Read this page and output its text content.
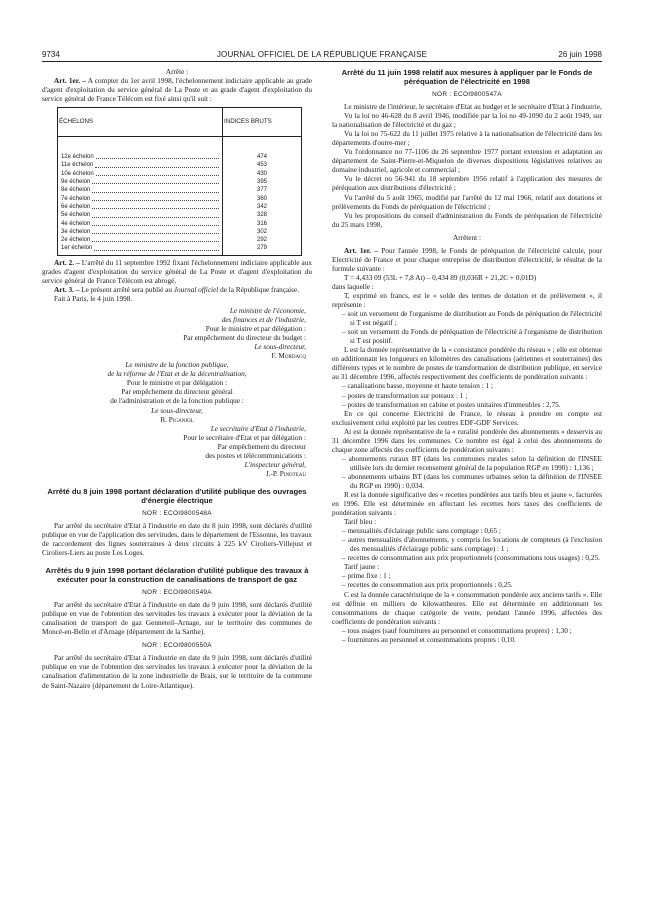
9734	JOURNAL OFFICIEL DE LA RÉPUBLIQUE FRANÇAISE	26 juin 1998

Arrête :

Art. 1er. – A compter du 1er avril 1998, l'échelonnement indiciaire applicable au grade d'agent d'exploitation du service général de La Poste et au grade d'agent d'exploitation du service général de France Télécom est fixé ainsi qu'il suit :

ÉCHELONS	INDICES BRUTS

12e échelon	474

11e échelon	453

10e échelon	430

9e échelon	395

8e échelon	377

7e échelon	360

6e échelon	342

5e échelon	328

4e échelon	316

3e échelon	302

2e échelon	292

1er échelon	279

Art. 2. – L'arrêté du 11 septembre 1992 fixant l'échelonnement indiciaire applicable aux grades d'agent d'exploitation du service général de La Poste et d'agent d'exploitation du service général de France Télécom est abrogé.

Art. 3. – Le présent arrêté sera publié au Journal officiel de la République française.

Fait à Paris, le 4 juin 1998.

Le ministre de l'économie,

des finances et de l'industrie,

Pour le ministre et par délégation :

Par empêchement du directeur du budget :

Le sous-directeur,

F. Mordacq

Le ministre de la fonction publique,

de la réforme de l'Etat et de la décentralisation,

Pour le ministre et par délégation :

Par empêchement du directeur général

de l'administration et de la fonction publique :

Le sous-directeur,

R. Piganiol

Le secrétaire d'Etat à l'industrie,

Pour le secrétaire d'Etat et par délégation :

Par empêchement du directeur

des postes et télécommunications :

L'inspecteur général,

J.-P. Pinoteau

Arrêté du 8 juin 1998 portant déclaration d'utilité publique des ouvrages d'énergie électrique

NOR : ECOI9800548A

Par arrêté du secrétaire d'Etat à l'industrie en date du 8 juin 1998, sont déclarés d'utilité publique en vue de l'application des servitudes, dans le département de l'Essonne, les travaux de raccordement des lignes souterraines à deux circuits à 225 kV Ciroliers-Villejust et Ciroliers-Liers au poste Les Loges.

Arrêtés du 9 juin 1998 portant déclaration d'utilité publique des travaux à exécuter pour la construction de canalisations de transport de gaz

NOR : ECOI9800549A

Par arrêté du secrétaire d'Etat à l'industrie en date du 9 juin 1998, sont déclarés d'utilité publique en vue de l'obtention des servitudes les travaux à exécuter pour la déviation de la canalisation de transport de gaz Genneteil–Arnage, sur le territoire des communes de Moncé-en-Belin et d'Arnage (département de la Sarthe).

NOR : ECOI9800550A

Par arrêté du secrétaire d'Etat à l'industrie en date du 9 juin 1998, sont déclarés d'utilité publique en vue de l'obtention des servitudes les travaux à exécuter pour la déviation de la canalisation d'alimentation de la zone industrielle de Brais, sur le territoire de la commune de Saint-Nazaire (département de Loire-Atlantique).

Arrêté du 11 juin 1998 relatif aux mesures à appliquer par le Fonds de péréquation de l'électricité en 1998

NOR : ECOI9800547A

Le ministre de l'intérieur, le secrétaire d'Etat au budget et le secrétaire d'Etat à l'industrie,

Vu la loi no 46-628 du 8 avril 1946, modifiée par la loi no 49-1090 du 2 août 1949, sur la nationalisation de l'électricité et du gaz ;

Vu la loi no 75-622 du 11 juillet 1975 relative à la nationalisation de l'électricité dans les départements d'outre-mer ;

Vu l'ordonnance no 77-1106 du 26 septembre 1977 portant extension et adaptation au département de Saint-Pierre-et-Miquelon de diverses dispositions législatives relatives au domaine industriel, agricole et commercial ;

Vu le décret no 56-941 du 18 septembre 1956 relatif à l'application des mesures de péréquation aux distributions d'électricité ;

Vu l'arrêté du 5 août 1965, modifié par l'arrêté du 12 mai 1966, relatif aux dotations et prélèvements du Fonds de péréquation de l'électricité ;

Vu les propositions du conseil d'administration du Fonds de péréquation de l'électricité du 25 mars 1998,

Arrêtent :

Art. 1er. – Pour l'année 1998, le Fonds de péréquation de l'électricité calcule, pour Electricité de France et pour chaque entreprise de distribution d'électricité, le résultat de la formule suivante :

T = 4,433 09 (53L + 7,8 At) – 0,434 89 (0,036R + 21,2C + 0,01D)

dans laquelle :

T, exprimé en francs, est le « solde des termes de dotation et de prélèvement », il représente :

– soit un versement de l'organisme de distribution au Fonds de péréquation de l'électricité si T est négatif ;

– soit un versement du Fonds de péréquation de l'électricité à l'organisme de distribution si T est positif.

L est la donnée représentative de la « consistance pondérée du réseau » ; elle est obtenue en additionnant les longueurs en kilomètres des canalisations (aériennes et souterraines) des différents types et le nombre de postes de transformation de distribution publique, en service au 31 décembre 1996, affectés respectivement des coefficients de pondération suivants :

– canalisations basse, moyenne et haute tension : 1 ;

– postes de transformation sur poteaux : 1 ;

– postes de transformation en cabine et postes unitaires d'immeubles : 2,75.

En ce qui concerne Electricité de France, le réseau à prendre en compte est exclusivement celui exploité par les centres EDF-GDF Services.

At est la donnée représentative de la « ruralité pondérée des abonnements » desservis au 31 décembre 1996 dans les communes. Ce nombre est égal à celui des abonnements de chaque zone affectés des coefficients de pondération suivants :

– abonnements ruraux BT (dans les communes rurales selon la définition de l'INSEE utilisée lors du dernier recensement général de la population RGP en 1990) : 1,136 ;

– abonnements urbains BT (dans les communes urbaines selon la définition de l'INSEE du RGP en 1990) : 0,034.

R est la donnée significative des « recettes pondérées aux tarifs bleu et jaune », facturées en 1996. Elle est déterminée en affectant les recettes hors taxes des coefficients de pondération suivants :

Tarif bleu :

– mensualités d'éclairage public sans comptage : 0,65 ;

– autres mensualités d'abonnements, y compris les locations de compteurs (à l'exclusion des mensualités d'éclairage public sans comptage) : 1 ;

– recettes de consommation aux prix proportionnels (consommations tous usages) : 0,25.

Tarif jaune :

– prime fixe : 1 ;

– recettes de consommation aux prix proportionnels : 0,25.

C est la donnée caractéristique de la « consommation pondérée aux anciens tarifs ». Elle est définie en milliers de kilowattheures. Elle est déterminée en additionnant les consommations de chaque catégorie de vente, pendant l'année 1996, affectées des coefficients de pondération suivants :

– tous usages (sauf fournitures au personnel et consommations propres) : 1,30 ;

– fournitures au personnel et consommations propres : 0,10.
